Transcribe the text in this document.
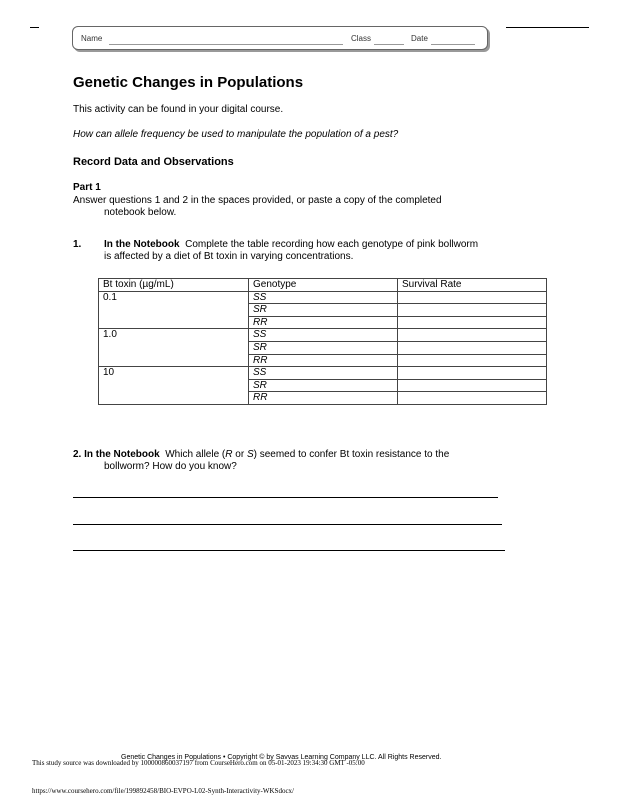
Name	Class	Date
Genetic Changes in Populations
This activity can be found in your digital course.
How can allele frequency be used to manipulate the population of a pest?
Record Data and Observations
Part 1
Answer questions 1 and 2 in the spaces provided, or paste a copy of the completed
notebook below.
1. In the Notebook Complete the table recording how each genotype of pink bollworm
is affected by a diet of Bt toxin in varying concentrations.
Bt toxin (µg/mL)	Genotype	Survival Rate
0.1	SS	
	SR	
	RR	
1.0	SS	
	SR	
	RR	
10	SS	
	SR	
	RR	
2. In the Notebook Which allele (R or S) seemed to confer Bt toxin resistance to the
bollworm? How do you know?
Genetic Changes in Populations • Copyright © by Savvas Learning Company LLC. All Rights Reserved.
This study source was downloaded by 100000860037197 from CourseHero.com on 05-01-2023 19:34:30 GMT -05:00
https://www.coursehero.com/file/199892458/BIO-EVPO-L02-Synth-Interactivity-WKSdocx/
